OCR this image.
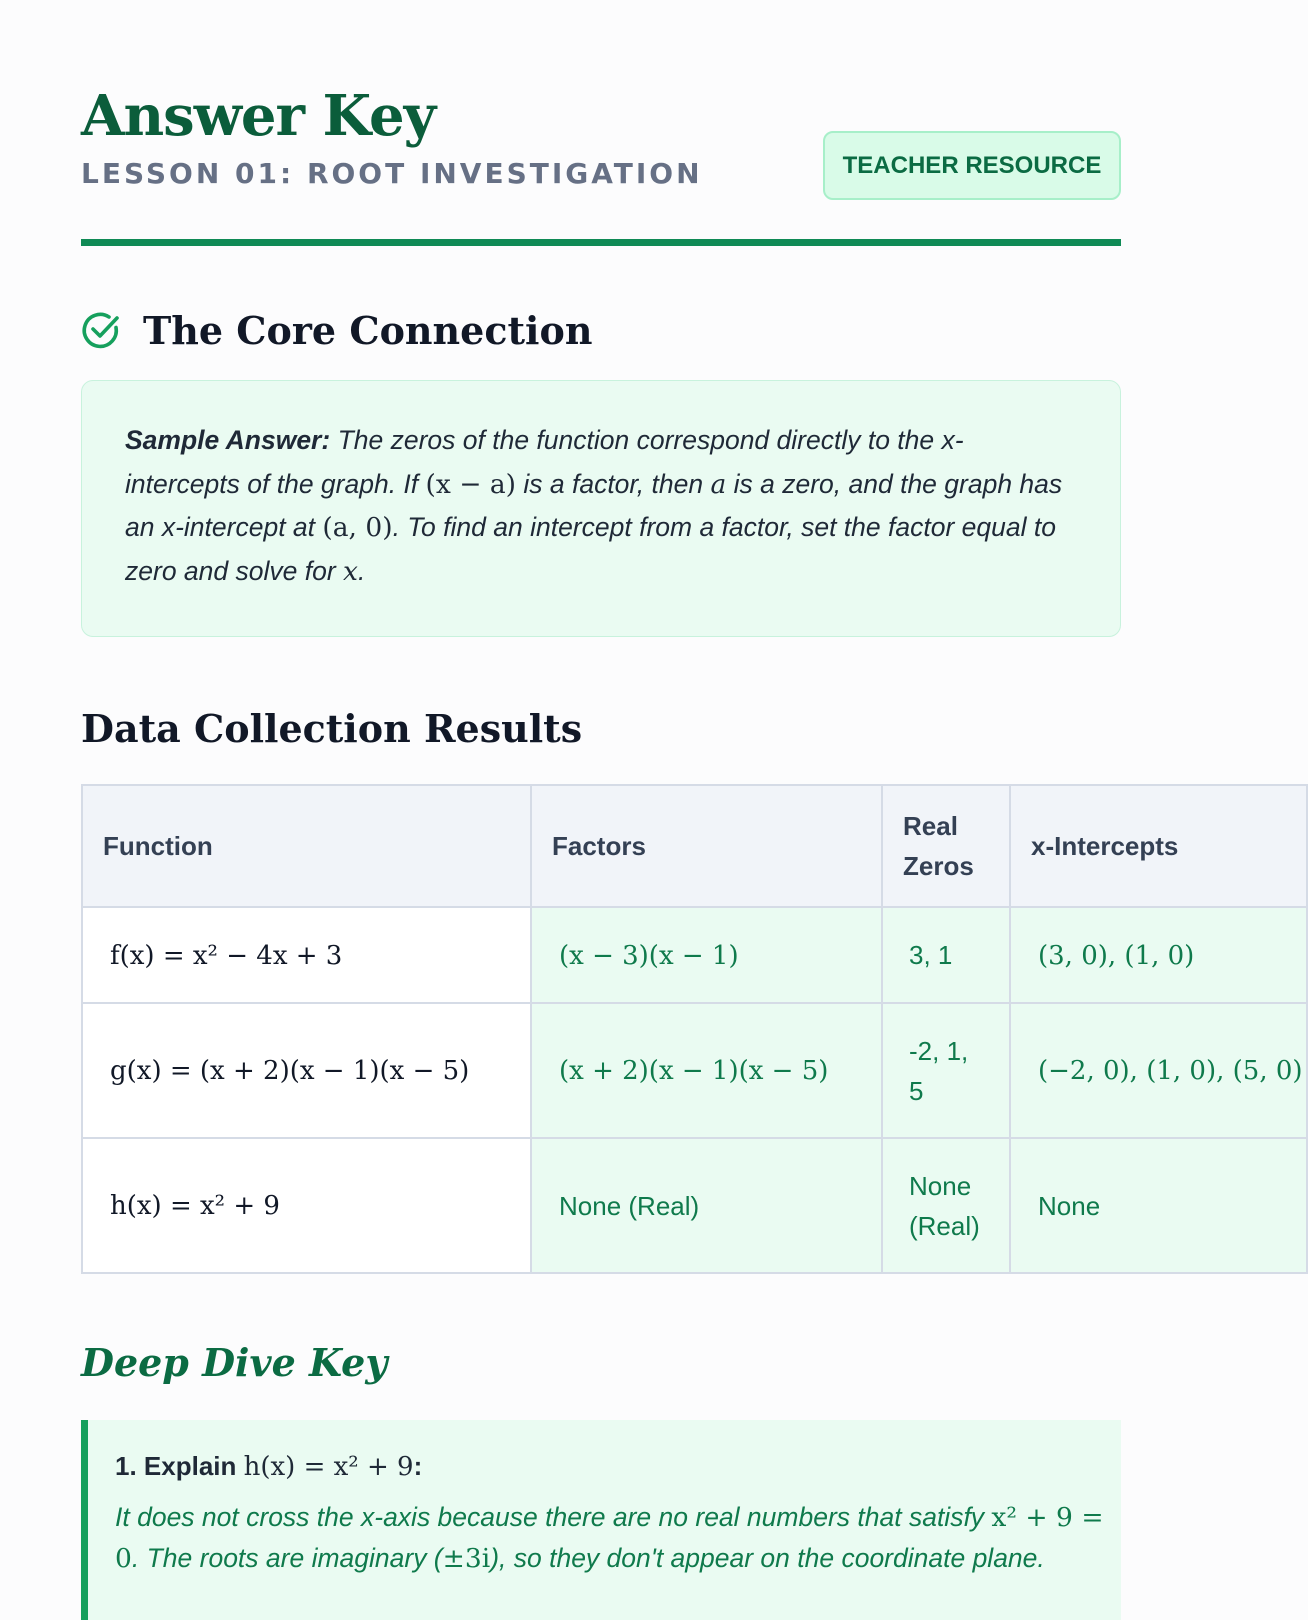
Answer Key
LESSON 01: ROOT INVESTIGATION	TEACHER RESOURCE
The Core Connection
Sample Answer: The zeros of the function correspond directly to the x-intercepts of the graph. If (x − a) is a factor, then a is a zero, and the graph has an x-intercept at (a, 0). To find an intercept from a factor, set the factor equal to zero and solve for x.
Data Collection Results
Function	Factors	Real Zeros	x-Intercepts
f(x) = x² − 4x + 3	(x − 3)(x − 1)	3, 1	(3, 0), (1, 0)
g(x) = (x + 2)(x − 1)(x − 5)	(x + 2)(x − 1)(x − 5)	-2, 1, 5	(−2, 0), (1, 0), (5, 0)
h(x) = x² + 9	None (Real)	None (Real)	None
Deep Dive Key
1. Explain h(x) = x² + 9:
It does not cross the x-axis because there are no real numbers that satisfy x² + 9 = 0. The roots are imaginary (±3i), so they don't appear on the coordinate plane.
